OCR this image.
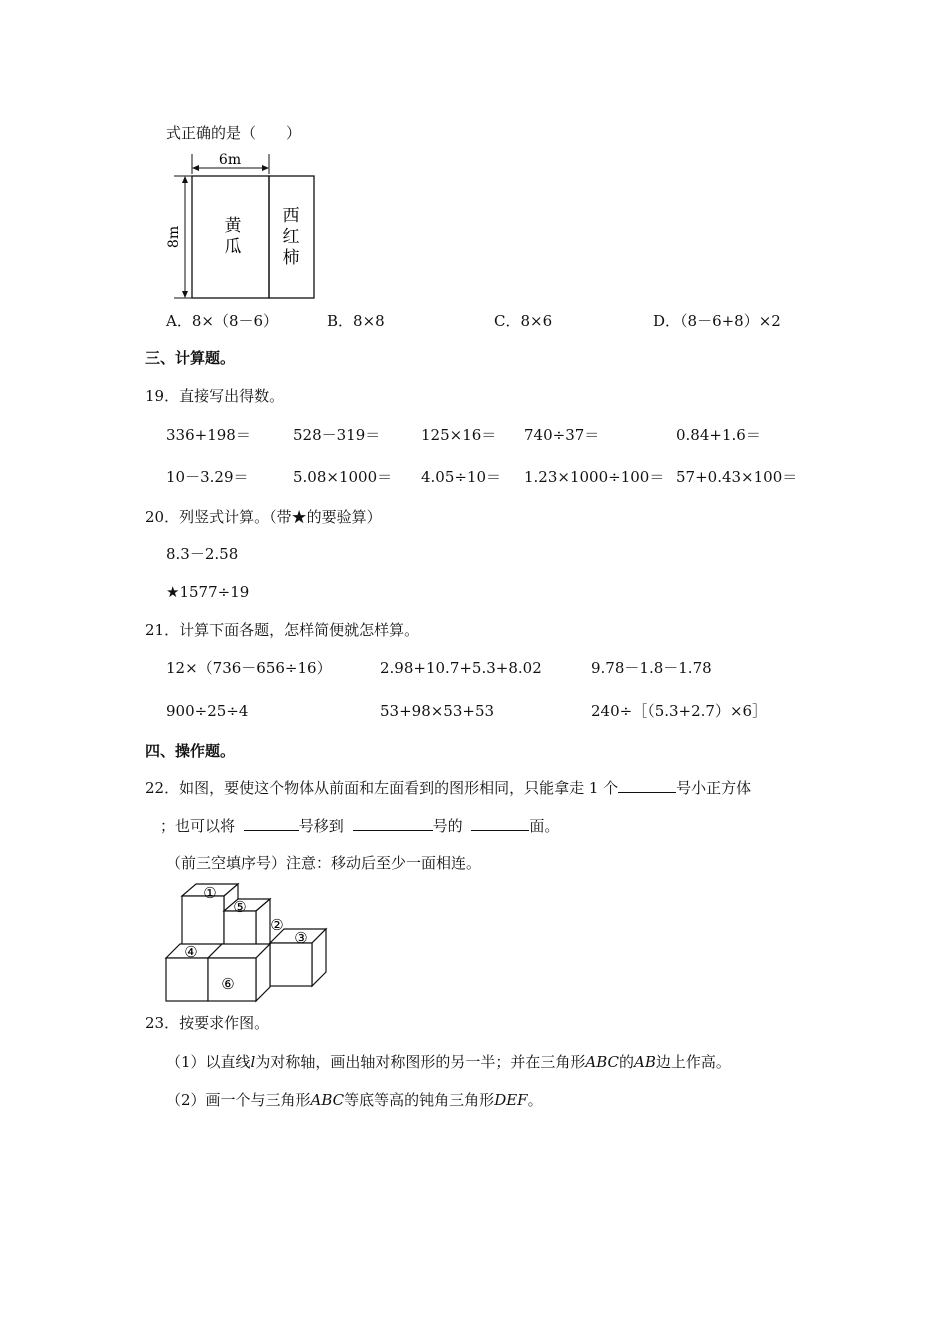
式正确的是（　　）
6m
8m	黄
瓜
西
红
柿
A．8×（8－6）	B．8×8	C．8×6	D．（8－6+8）×2
三、计算题。
19．直接写出得数。
336+198＝	528－319＝	125×16＝ 740÷37＝	0.84+1.6＝
10－3.29＝	5.08×1000＝ 4.05÷10＝ 1.23×1000÷100＝ 57+0.43×100＝
20．列竖式计算。（带★的要验算）
8.3－2.58
★1577÷19
21．计算下面各题，怎样简便就怎样算。
12×（736－656÷16）	2.98+10.7+5.3+8.02	9.78－1.8－1.78
900÷25÷4	53+98×53+53	240÷［（5.3+2.7）×6］
四、操作题。
22．如图，要使这个物体从前面和左面看到的图形相同，只能拿走 1 个	号小正方体
；也可以将	号移到	号的	面。
（前三空填序号）注意：移动后至少一面相连。
①
⑤
②
③
④
⑥
23．按要求作图。
（1）以直线l为对称轴，画出轴对称图形的另一半；并在三角形ABC的AB边上作高。
（2）画一个与三角形ABC等底等高的钝角三角形DEF。
